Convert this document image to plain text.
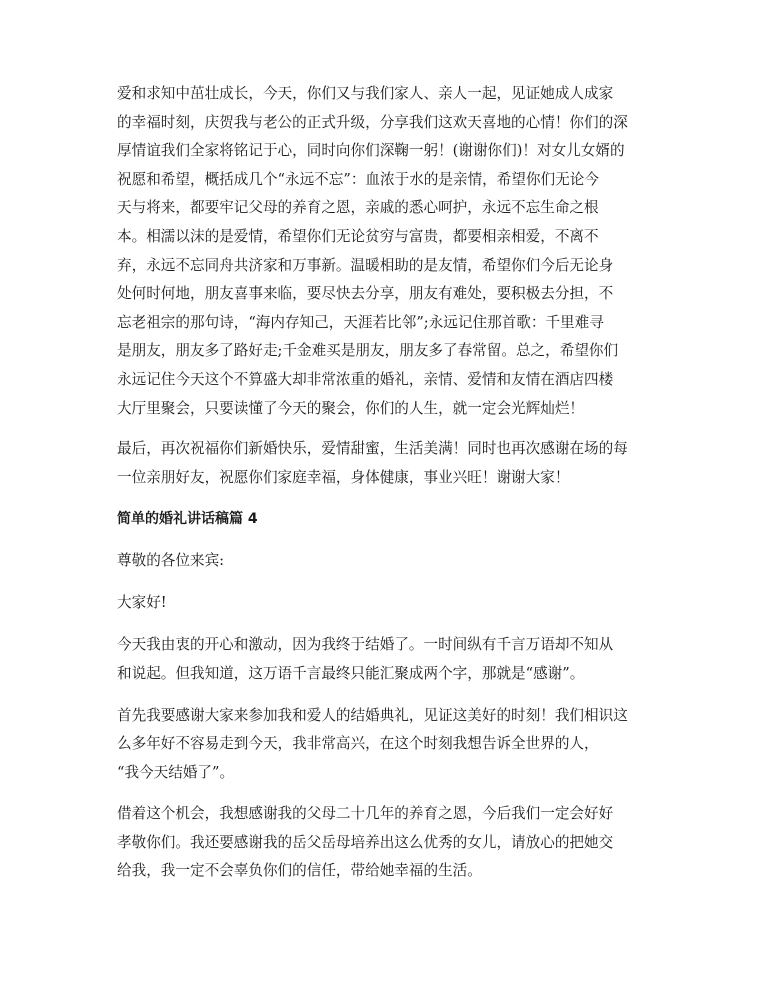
爱和求知中茁壮成长，今天，你们又与我们家人、亲人一起，见证她成人成家
的幸福时刻，庆贺我与老公的正式升级，分享我们这欢天喜地的心情！你们的深
厚情谊我们全家将铭记于心，同时向你们深鞠一躬！(谢谢你们)！对女儿女婿的
祝愿和希望，概括成几个“永远不忘”：血浓于水的是亲情，希望你们无论今
天与将来，都要牢记父母的养育之恩，亲戚的悉心呵护，永远不忘生命之根
本。相濡以沫的是爱情，希望你们无论贫穷与富贵，都要相亲相爱，不离不
弃，永远不忘同舟共济家和万事新。温暖相助的是友情，希望你们今后无论身
处何时何地，朋友喜事来临，要尽快去分享，朋友有难处，要积极去分担，不
忘老祖宗的那句诗，“海内存知己，天涯若比邻”;永远记住那首歌：千里难寻
是朋友，朋友多了路好走;千金难买是朋友，朋友多了春常留。总之，希望你们
永远记住今天这个不算盛大却非常浓重的婚礼，亲情、爱情和友情在酒店四楼
大厅里聚会，只要读懂了今天的聚会，你们的人生，就一定会光辉灿烂！

最后，再次祝福你们新婚快乐，爱情甜蜜，生活美满！同时也再次感谢在场的每
一位亲朋好友，祝愿你们家庭幸福，身体健康，事业兴旺！谢谢大家！

简单的婚礼讲话稿篇 4

尊敬的各位来宾:

大家好!

今天我由衷的开心和激动，因为我终于结婚了。一时间纵有千言万语却不知从
和说起。但我知道，这万语千言最终只能汇聚成两个字，那就是“感谢”。

首先我要感谢大家来参加我和爱人的结婚典礼，见证这美好的时刻！我们相识这
么多年好不容易走到今天，我非常高兴，在这个时刻我想告诉全世界的人，
“我今天结婚了”。

借着这个机会，我想感谢我的父母二十几年的养育之恩，今后我们一定会好好
孝敬你们。我还要感谢我的岳父岳母培养出这么优秀的女儿，请放心的把她交
给我，我一定不会辜负你们的信任，带给她幸福的生活。
